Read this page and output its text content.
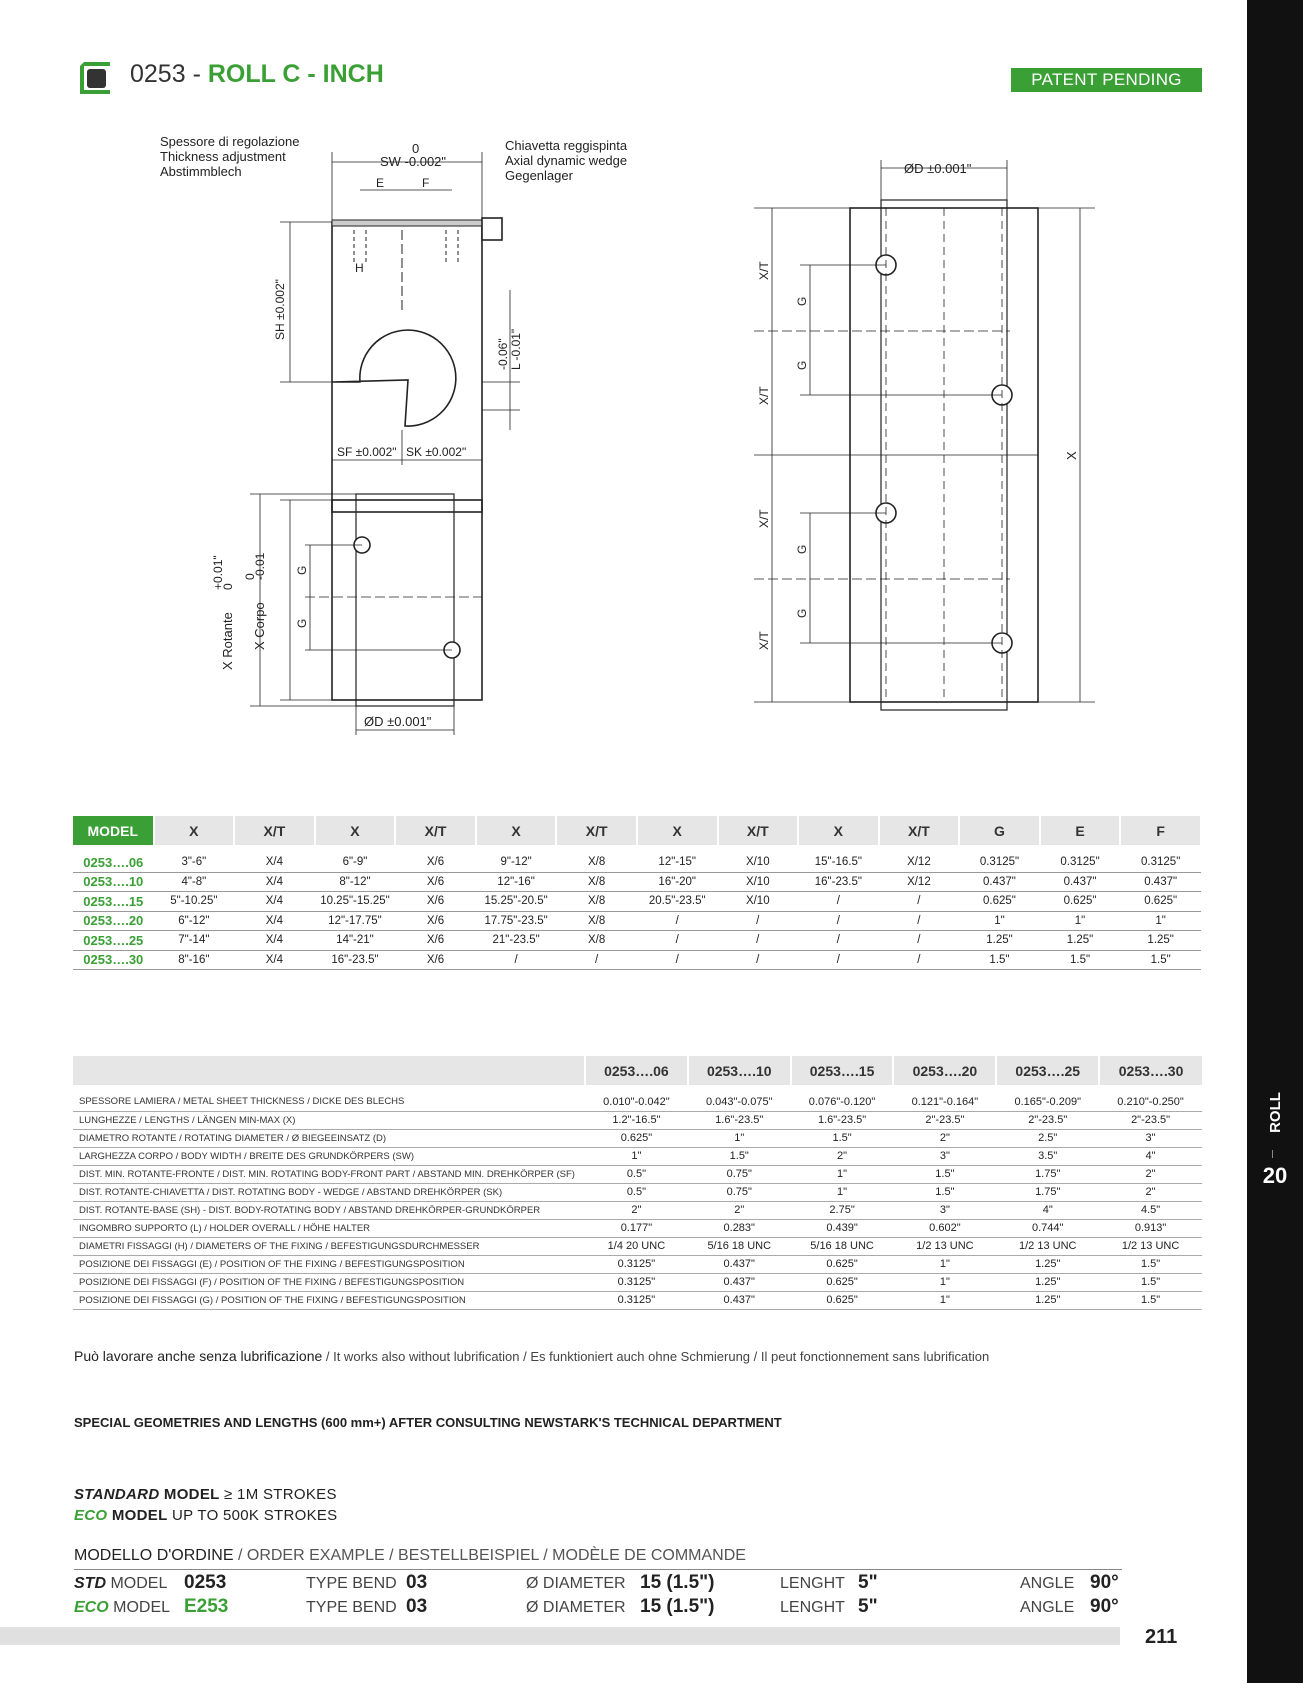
0253 - ROLL C - INCH	PATENT PENDING
ROLL
20
Spessore di regolazione
Thickness adjustment
Abstimmblech
Chiavetta reggispinta
Axial dynamic wedge
Gegenlager
0
SW -0.002"
E	F
H
SH ±0.002"
-0.06" L -0.01"
SF ±0.002" SK ±0.002"
X Rotante
+0.01"
0
X Corpo
0
-0.01 G
G
ØD ±0.001"
ØD ±0.001"
X/T
X/T
X/T
X/T
G
G
G
G
X
MODEL	X	X/T	X	X/T	X	X/T	X	X/T	X	X/T	G	E	F
0253….06	3"-6"	X/4	6"-9"	X/6	9"-12"	X/8	12"-15"	X/10	15"-16.5"	X/12	0.3125"	0.3125"	0.3125"
0253….10	4"-8"	X/4	8"-12"	X/6	12"-16"	X/8	16"-20"	X/10	16"-23.5"	X/12	0.437"	0.437"	0.437"
0253….15	5"-10.25"	X/4	10.25"-15.25"	X/6	15.25"-20.5"	X/8	20.5"-23.5"	X/10	/	/	0.625"	0.625"	0.625"
0253….20	6"-12"	X/4	12"-17.75"	X/6	17.75"-23.5"	X/8	/	/	/	/	1"	1"	1"
0253….25	7"-14"	X/4	14"-21"	X/6	21"-23.5"	X/8	/	/	/	/	1.25"	1.25"	1.25"
0253….30	8"-16"	X/4	16"-23.5"	X/6	/	/	/	/	/	/	1.5"	1.5"	1.5"
	0253….06	0253….10	0253….15	0253….20	0253….25	0253….30
SPESSORE LAMIERA / METAL SHEET THICKNESS / DICKE DES BLECHS	0.010"-0.042"	0.043"-0.075"	0.076"-0.120"	0.121"-0.164"	0.165"-0.209"	0.210"-0.250"
LUNGHEZZE / LENGTHS / LÄNGEN MIN-MAX (X)	1.2"-16.5"	1.6"-23.5"	1.6"-23.5"	2"-23.5"	2"-23.5"	2"-23.5"
DIAMETRO ROTANTE / ROTATING DIAMETER / Ø BIEGEEINSATZ (D)	0.625"	1"	1.5"	2"	2.5"	3"
LARGHEZZA CORPO / BODY WIDTH / BREITE DES GRUNDKÖRPERS (SW)	1"	1.5"	2"	3"	3.5"	4"
DIST. MIN. ROTANTE-FRONTE / DIST. MIN. ROTATING BODY-FRONT PART / ABSTAND MIN. DREHKÖRPER (SF)	0.5"	0.75"	1"	1.5"	1.75"	2"
DIST. ROTANTE-CHIAVETTA / DIST. ROTATING BODY - WEDGE / ABSTAND DREHKÖRPER (SK)	0.5"	0.75"	1"	1.5"	1.75"	2"
DIST. ROTANTE-BASE (SH) - DIST. BODY-ROTATING BODY / ABSTAND DREHKÖRPER-GRUNDKÖRPER	2"	2"	2.75"	3"	4"	4.5"
INGOMBRO SUPPORTO (L) / HOLDER OVERALL / HÖHE HALTER	0.177"	0.283"	0.439"	0.602"	0.744"	0.913"
DIAMETRI FISSAGGI (H) / DIAMETERS OF THE FIXING / BEFESTIGUNGSDURCHMESSER	1/4 20 UNC	5/16 18 UNC	5/16 18 UNC	1/2 13 UNC	1/2 13 UNC	1/2 13 UNC
POSIZIONE DEI FISSAGGI (E) / POSITION OF THE FIXING / BEFESTIGUNGSPOSITION	0.3125"	0.437"	0.625"	1"	1.25"	1.5"
POSIZIONE DEI FISSAGGI (F) / POSITION OF THE FIXING / BEFESTIGUNGSPOSITION	0.3125"	0.437"	0.625"	1"	1.25"	1.5"
POSIZIONE DEI FISSAGGI (G) / POSITION OF THE FIXING / BEFESTIGUNGSPOSITION	0.3125"	0.437"	0.625"	1"	1.25"	1.5"
Può lavorare anche senza lubrificazione / It works also without lubrification / Es funktioniert auch ohne Schmierung / Il peut fonctionnement sans lubrification
SPECIAL GEOMETRIES AND LENGTHS (600 mm+) AFTER CONSULTING NEWSTARK'S TECHNICAL DEPARTMENT
STANDARD MODEL ≥ 1M STROKES
ECO MODEL UP TO 500K STROKES
MODELLO D'ORDINE / ORDER EXAMPLE / BESTELLBEISPIEL / MODÈLE DE COMMANDE
STD MODEL 0253	TYPE BEND 03	Ø DIAMETER 15 (1.5")	LENGHT 5"	ANGLE 90°
ECO MODEL E253	TYPE BEND 03	Ø DIAMETER 15 (1.5")	LENGHT 5"	ANGLE 90°
211
